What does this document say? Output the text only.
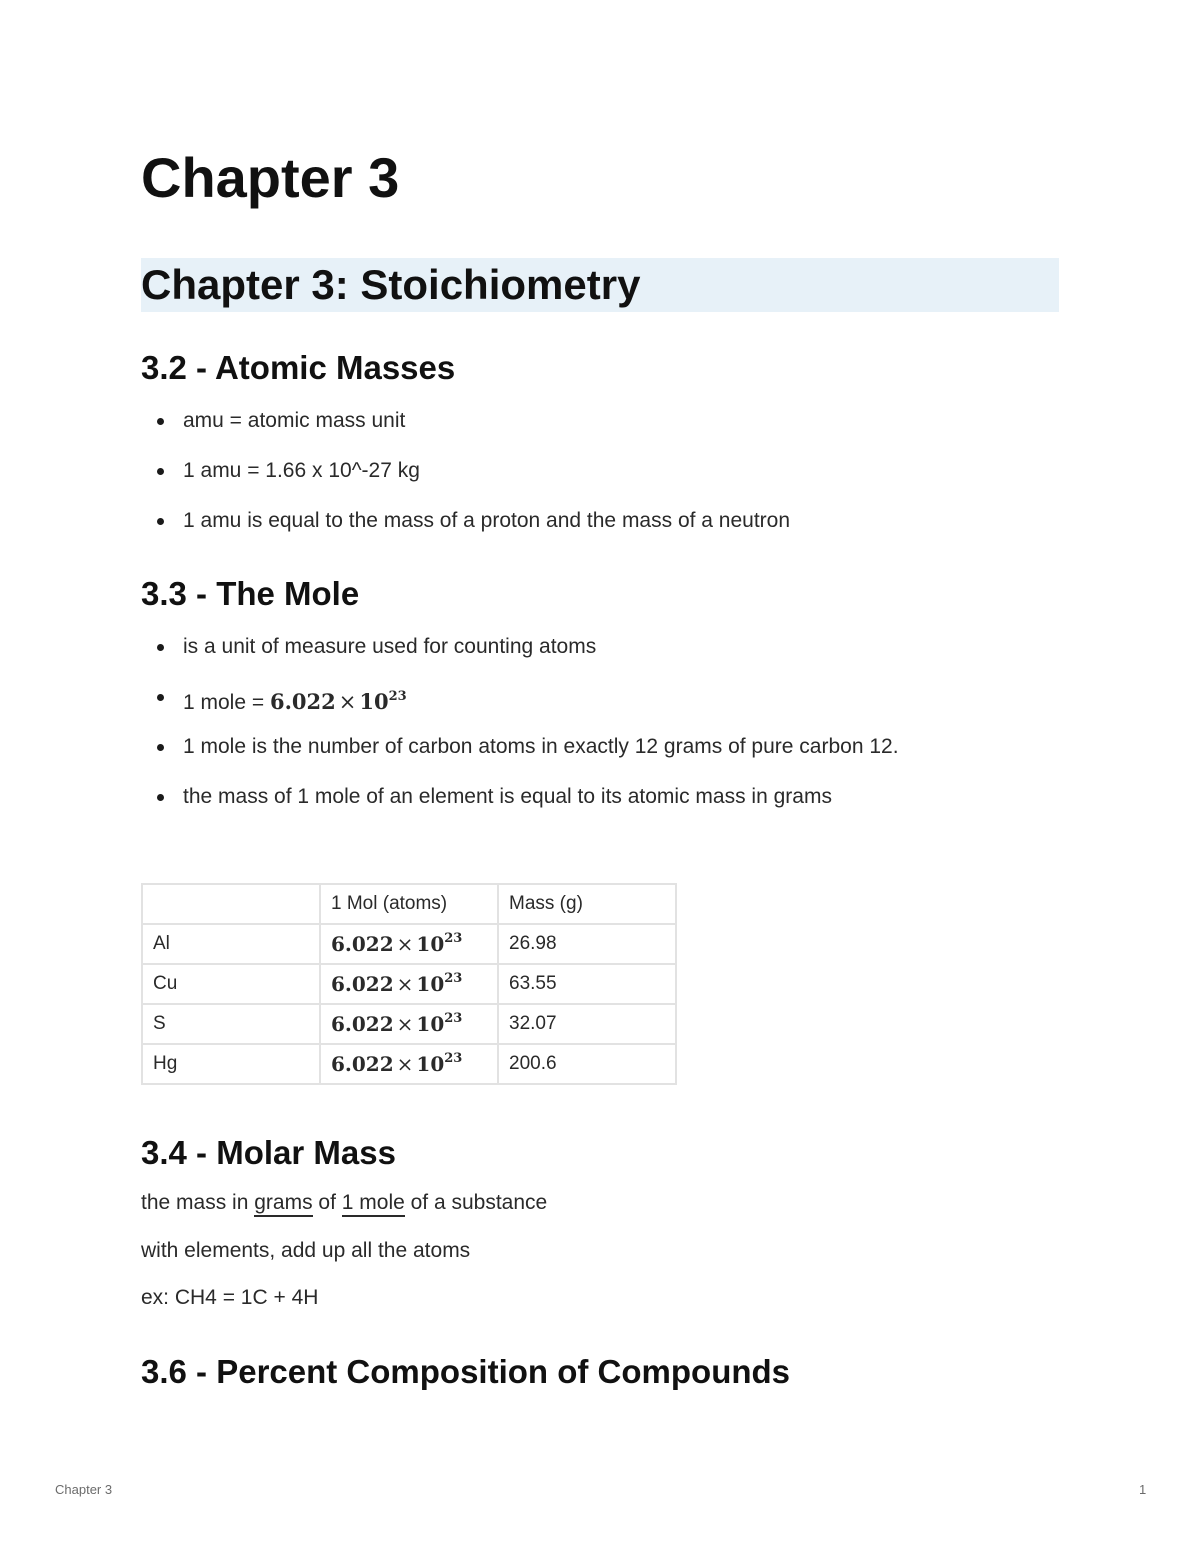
Chapter 3
Chapter 3: Stoichiometry
3.2 - Atomic Masses
amu = atomic mass unit
1 amu = 1.66 x 10^-27 kg
1 amu is equal to the mass of a proton and the mass of a neutron
3.3 - The Mole
is a unit of measure used for counting atoms
1 mole = $6.022 \times 10^{23}$
1 mole is the number of carbon atoms in exactly 12 grams of pure carbon 12.
the mass of 1 mole of an element is equal to its atomic mass in grams
	1 Mol (atoms)	Mass (g)
Al	$6.022 \times 10^{23}$	26.98
Cu	$6.022 \times 10^{23}$	63.55
S	$6.022 \times 10^{23}$	32.07
Hg	$6.022 \times 10^{23}$	200.6
3.4 - Molar Mass

the mass in grams of 1 mole of a substance

with elements, add up all the atoms

ex: CH4 = 1C + 4H

3.6 - Percent Composition of Compounds
Chapter 3	1
